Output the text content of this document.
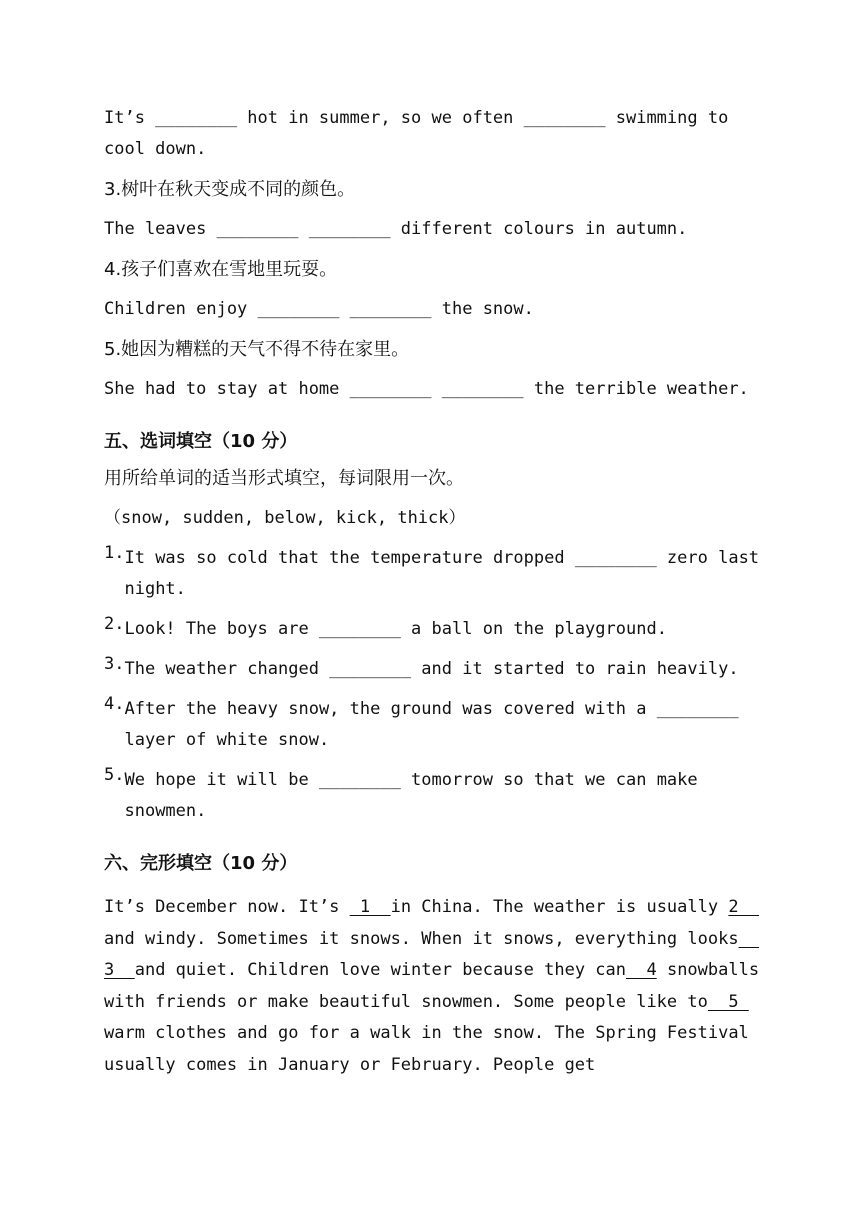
It’s ________ hot in summer, so we often ________ swimming to cool down.

3.树叶在秋天变成不同的颜色。

The leaves ________ ________ different colours in autumn.

4.孩子们喜欢在雪地里玩耍。

Children enjoy ________ ________ the snow.

5.她因为糟糕的天气不得不待在家里。

She had to stay at home ________ ________ the terrible weather.

五、选词填空（10 分）

用所给单词的适当形式填空，每词限用一次。

（snow, sudden, below, kick, thick）

1. It was so cold that the temperature dropped ________ zero last night.
2. Look! The boys are ________ a ball on the playground.
3. The weather changed ________ and it started to rain heavily.
4. After the heavy snow, the ground was covered with a ________ layer of white snow.
5. We hope it will be ________ tomorrow so that we can make snowmen.
六、完形填空（10 分）

It’s December now. It’s  1  in China. The weather is usually 2  and windy. Sometimes it snows. When it snows, everything looks  3  and quiet. Children love winter because they can  4 snowballs with friends or make beautiful snowmen. Some people like to  5  warm clothes and go for a walk in the snow. The Spring Festival usually comes in January or February. People get
